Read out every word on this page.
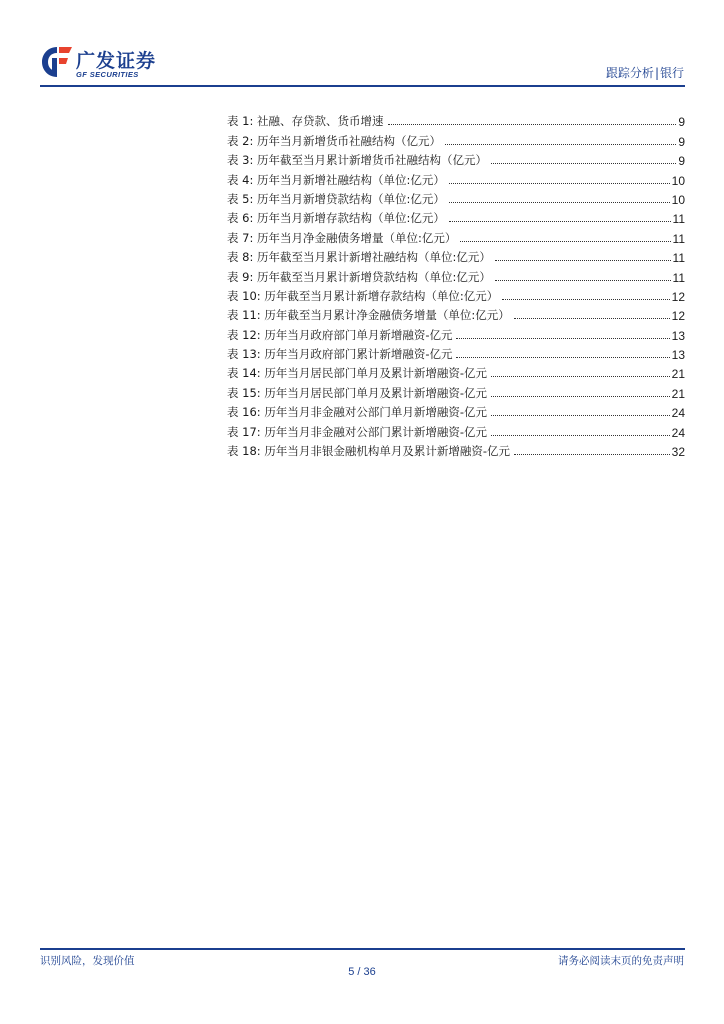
广发证券
GF SECURITIES	跟踪分析|银行
表 1: 社融、存贷款、货币增速	9
表 2: 历年当月新增货币社融结构（亿元）	9
表 3: 历年截至当月累计新增货币社融结构（亿元）	9
表 4: 历年当月新增社融结构（单位:亿元）	10
表 5: 历年当月新增贷款结构（单位:亿元）	10
表 6: 历年当月新增存款结构（单位:亿元）	11
表 7: 历年当月净金融债务增量（单位:亿元）	11
表 8: 历年截至当月累计新增社融结构（单位:亿元）	11
表 9: 历年截至当月累计新增贷款结构（单位:亿元）	11
表 10: 历年截至当月累计新增存款结构（单位:亿元）	12
表 11: 历年截至当月累计净金融债务增量（单位:亿元）	12
表 12: 历年当月政府部门单月新增融资-亿元	13
表 13: 历年当月政府部门累计新增融资-亿元	13
表 14: 历年当月居民部门单月及累计新增融资-亿元	21
表 15: 历年当月居民部门单月及累计新增融资-亿元	21
表 16: 历年当月非金融对公部门单月新增融资-亿元	24
表 17: 历年当月非金融对公部门累计新增融资-亿元	24
表 18: 历年当月非银金融机构单月及累计新增融资-亿元	32
识别风险，发现价值	请务必阅读末页的免责声明
5 / 36
